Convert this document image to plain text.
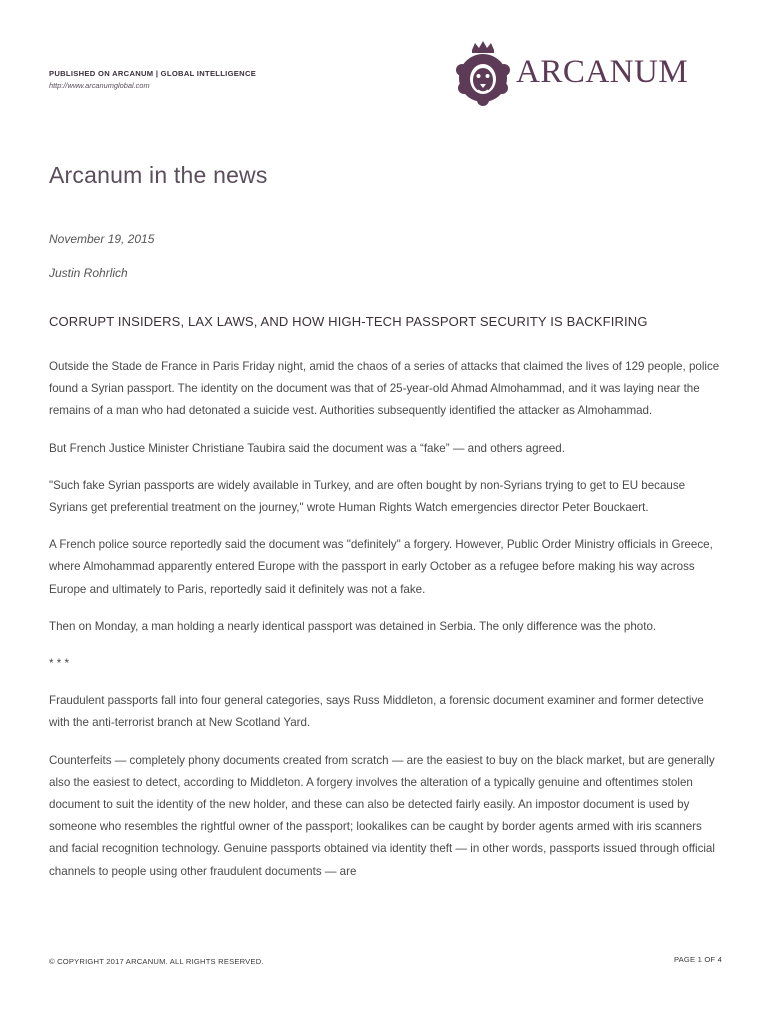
PUBLISHED ON ARCANUM | GLOBAL INTELLIGENCE

http://www.arcanumglobal.com	ARCANUM
Arcanum in the news
November 19, 2015
Justin Rohrlich
CORRUPT INSIDERS, LAX LAWS, AND HOW HIGH-TECH PASSPORT SECURITY IS BACKFIRING

Outside the Stade de France in Paris Friday night, amid the chaos of a series of attacks that claimed the lives of 129 people, police found a Syrian passport. The identity on the document was that of 25-year-old Ahmad Almohammad, and it was laying near the remains of a man who had detonated a suicide vest. Authorities subsequently identified the attacker as Almohammad.

But French Justice Minister Christiane Taubira said the document was a “fake” — and others agreed.

"Such fake Syrian passports are widely available in Turkey, and are often bought by non-Syrians trying to get to EU because Syrians get preferential treatment on the journey," wrote Human Rights Watch emergencies director Peter Bouckaert.

A French police source reportedly said the document was "definitely" a forgery. However, Public Order Ministry officials in Greece, where Almohammad apparently entered Europe with the passport in early October as a refugee before making his way across Europe and ultimately to Paris, reportedly said it definitely was not a fake.

Then on Monday, a man holding a nearly identical passport was detained in Serbia. The only difference was the photo.

* * *

Fraudulent passports fall into four general categories, says Russ Middleton, a forensic document examiner and former detective with the anti-terrorist branch at New Scotland Yard.

Counterfeits — completely phony documents created from scratch — are the easiest to buy on the black market, but are generally also the easiest to detect, according to Middleton. A forgery involves the alteration of a typically genuine and oftentimes stolen document to suit the identity of the new holder, and these can also be detected fairly easily. An impostor document is used by someone who resembles the rightful owner of the passport; lookalikes can be caught by border agents armed with iris scanners and facial recognition technology. Genuine passports obtained via identity theft — in other words, passports issued through official channels to people using other fraudulent documents — are

© COPYRIGHT 2017 ARCANUM. ALL RIGHTS RESERVED.	PAGE 1 OF 4
